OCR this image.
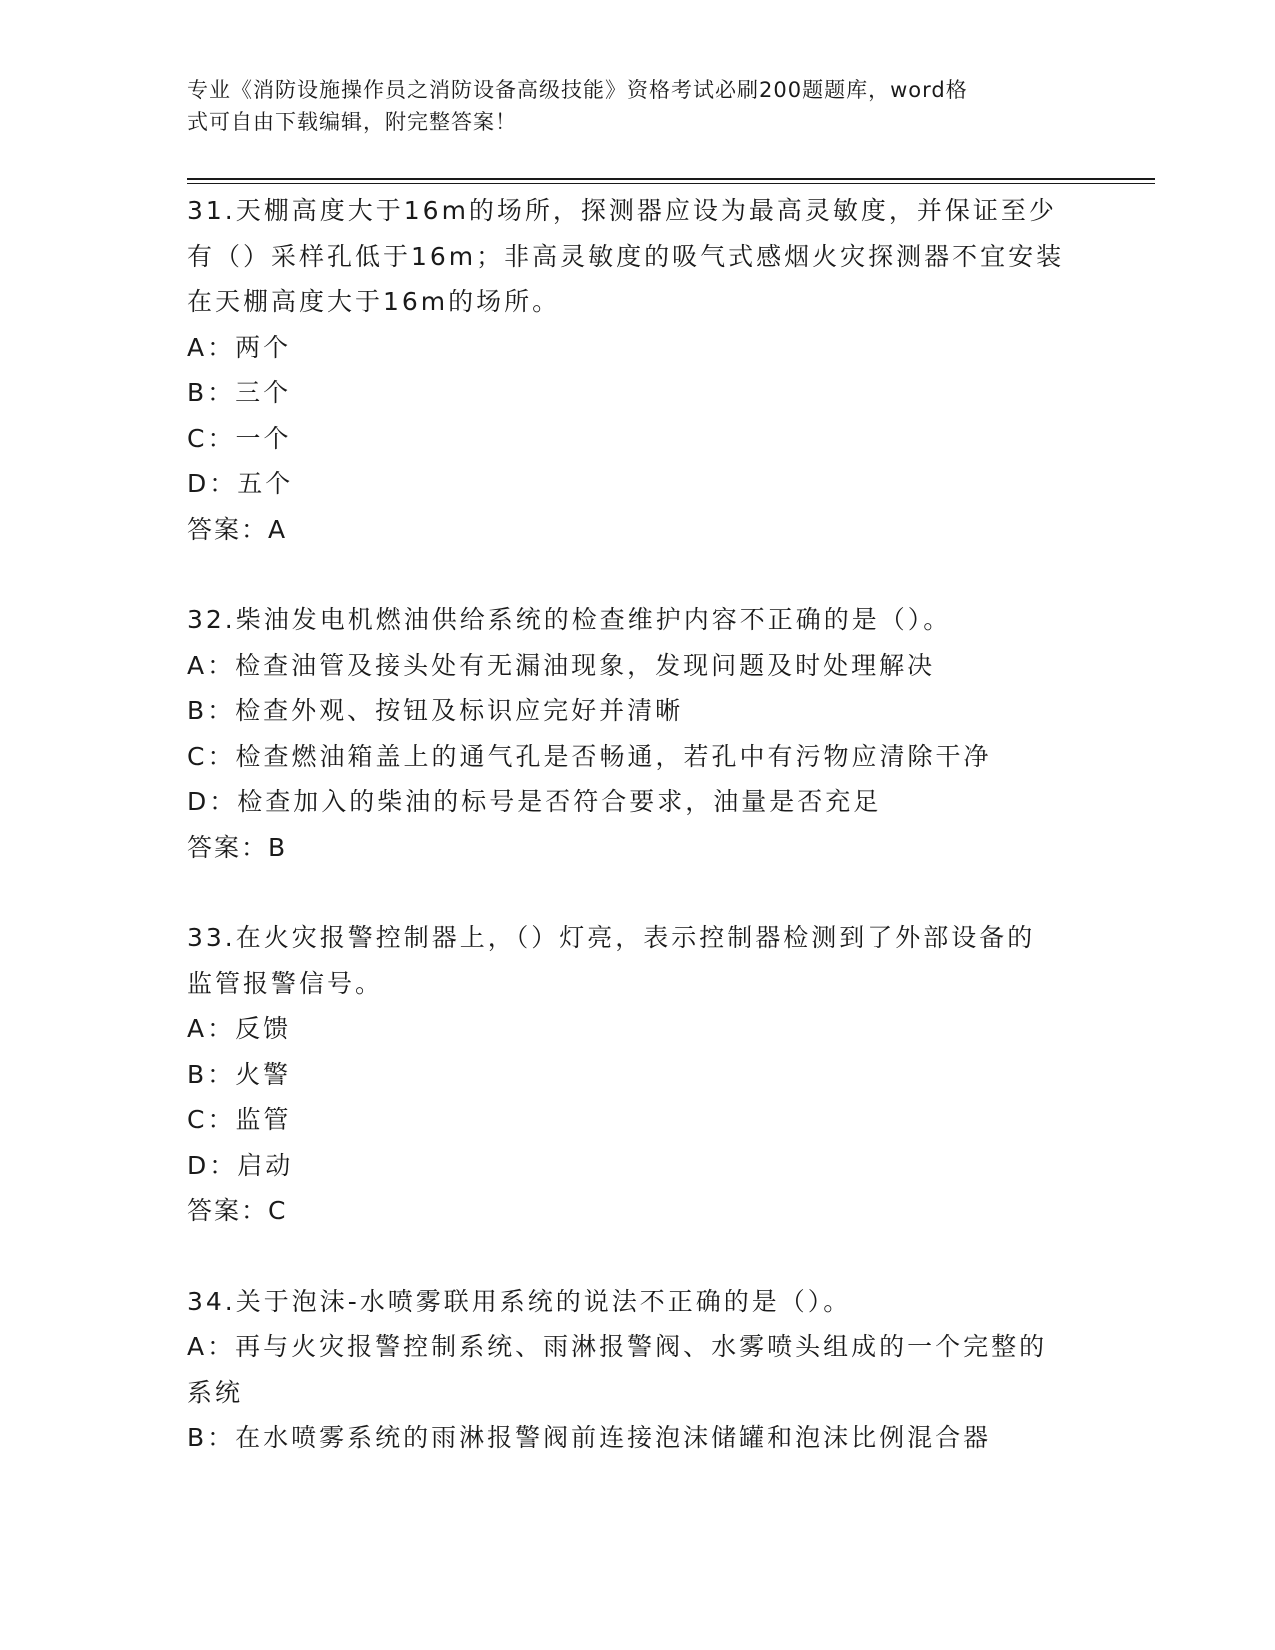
专业《消防设施操作员之消防设备高级技能》资格考试必刷200题题库，word格
式可自由下载编辑，附完整答案！
31.天棚高度大于16m的场所，探测器应设为最高灵敏度，并保证至少
有（）采样孔低于16m；非高灵敏度的吸气式感烟火灾探测器不宜安装
在天棚高度大于16m的场所。
A：两个
B：三个
C：一个
D：五个
答案：A
32.柴油发电机燃油供给系统的检查维护内容不正确的是（）。
A：检查油管及接头处有无漏油现象，发现问题及时处理解决
B：检查外观、按钮及标识应完好并清晰
C：检查燃油箱盖上的通气孔是否畅通，若孔中有污物应清除干净
D：检查加入的柴油的标号是否符合要求，油量是否充足
答案：B
33.在火灾报警控制器上，（）灯亮，表示控制器检测到了外部设备的
监管报警信号。
A：反馈
B：火警
C：监管
D：启动
答案：C
34.关于泡沫-水喷雾联用系统的说法不正确的是（）。
A：再与火灾报警控制系统、雨淋报警阀、水雾喷头组成的一个完整的
系统
B：在水喷雾系统的雨淋报警阀前连接泡沫储罐和泡沫比例混合器
